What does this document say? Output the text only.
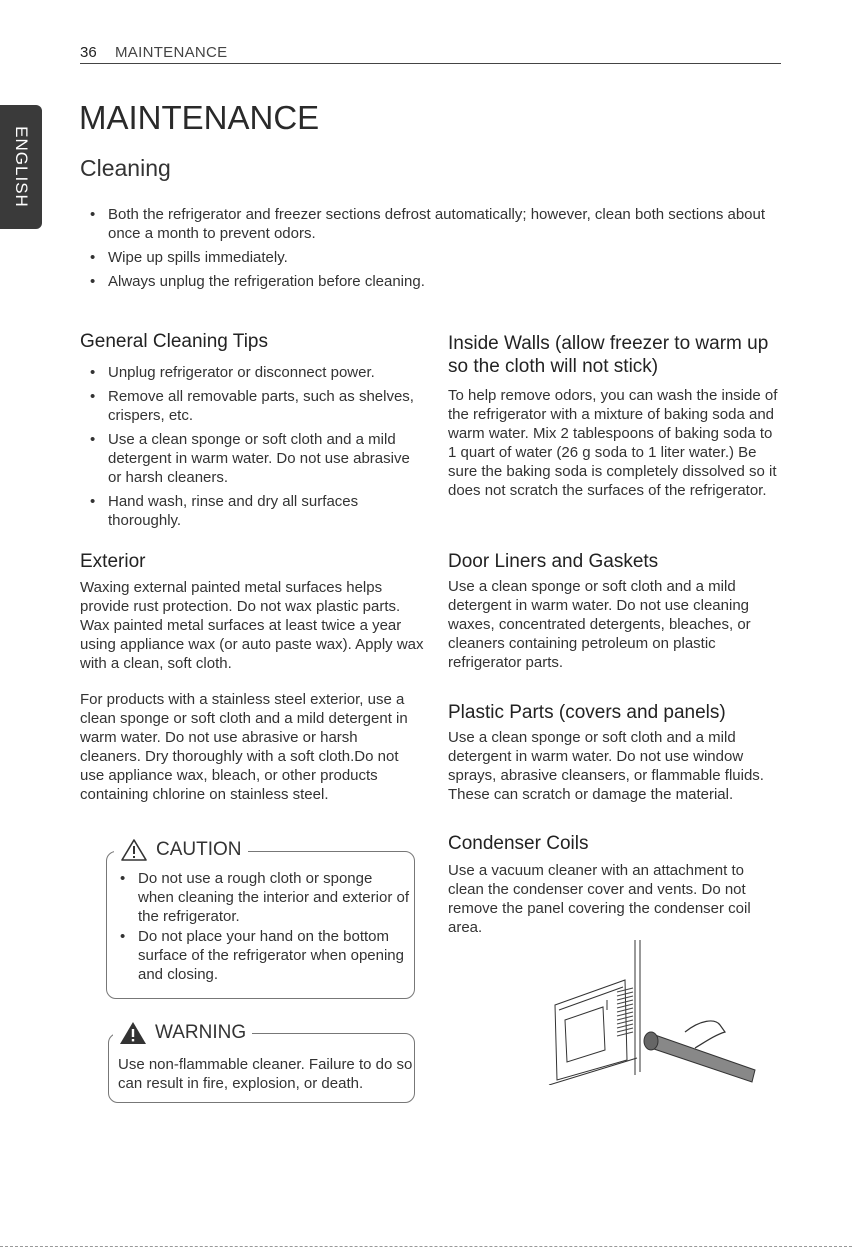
36 MAINTENANCE
ENGLISH
MAINTENANCE
Cleaning
• Both the refrigerator and freezer sections defrost automatically; however, clean both sections about once a month to prevent odors.
• Wipe up spills immediately.
• Always unplug the refrigeration before cleaning.
General Cleaning Tips
• Unplug refrigerator or disconnect power.
• Remove all removable parts, such as shelves, crispers, etc.
• Use a clean sponge or soft cloth and a mild detergent in warm water. Do not use abrasive or harsh cleaners.
• Hand wash, rinse and dry all surfaces thoroughly.
Exterior

Waxing external painted metal surfaces helps provide rust protection. Do not wax plastic parts. Wax painted metal surfaces at least twice a year using appliance wax (or auto paste wax). Apply wax with a clean, soft cloth.

For products with a stainless steel exterior, use a clean sponge or soft cloth and a mild detergent in warm water. Do not use abrasive or harsh cleaners. Dry thoroughly with a soft cloth.Do not use appliance wax, bleach, or other products containing chlorine on stainless steel.

CAUTION
• Do not use a rough cloth or sponge when cleaning the interior and exterior of the refrigerator.
• Do not place your hand on the bottom surface of the refrigerator when opening and closing.
WARNING
Use non-flammable cleaner. Failure to do so can result in fire, explosion, or death.
Inside Walls (allow freezer to warm up so the cloth will not stick)

To help remove odors, you can wash the inside of the refrigerator with a mixture of baking soda and warm water. Mix 2 tablespoons of baking soda to 1 quart of water (26 g soda to 1 liter water.) Be sure the baking soda is completely dissolved so it does not scratch the surfaces of the refrigerator.

Door Liners and Gaskets

Use a clean sponge or soft cloth and a mild detergent in warm water. Do not use cleaning waxes, concentrated detergents, bleaches, or cleaners containing petroleum on plastic refrigerator parts.

Plastic Parts (covers and panels)

Use a clean sponge or soft cloth and a mild detergent in warm water. Do not use window sprays, abrasive cleansers, or flammable fluids. These can scratch or damage the material.

Condenser Coils

Use a vacuum cleaner with an attachment to clean the condenser cover and vents. Do not remove the panel covering the condenser coil area.
